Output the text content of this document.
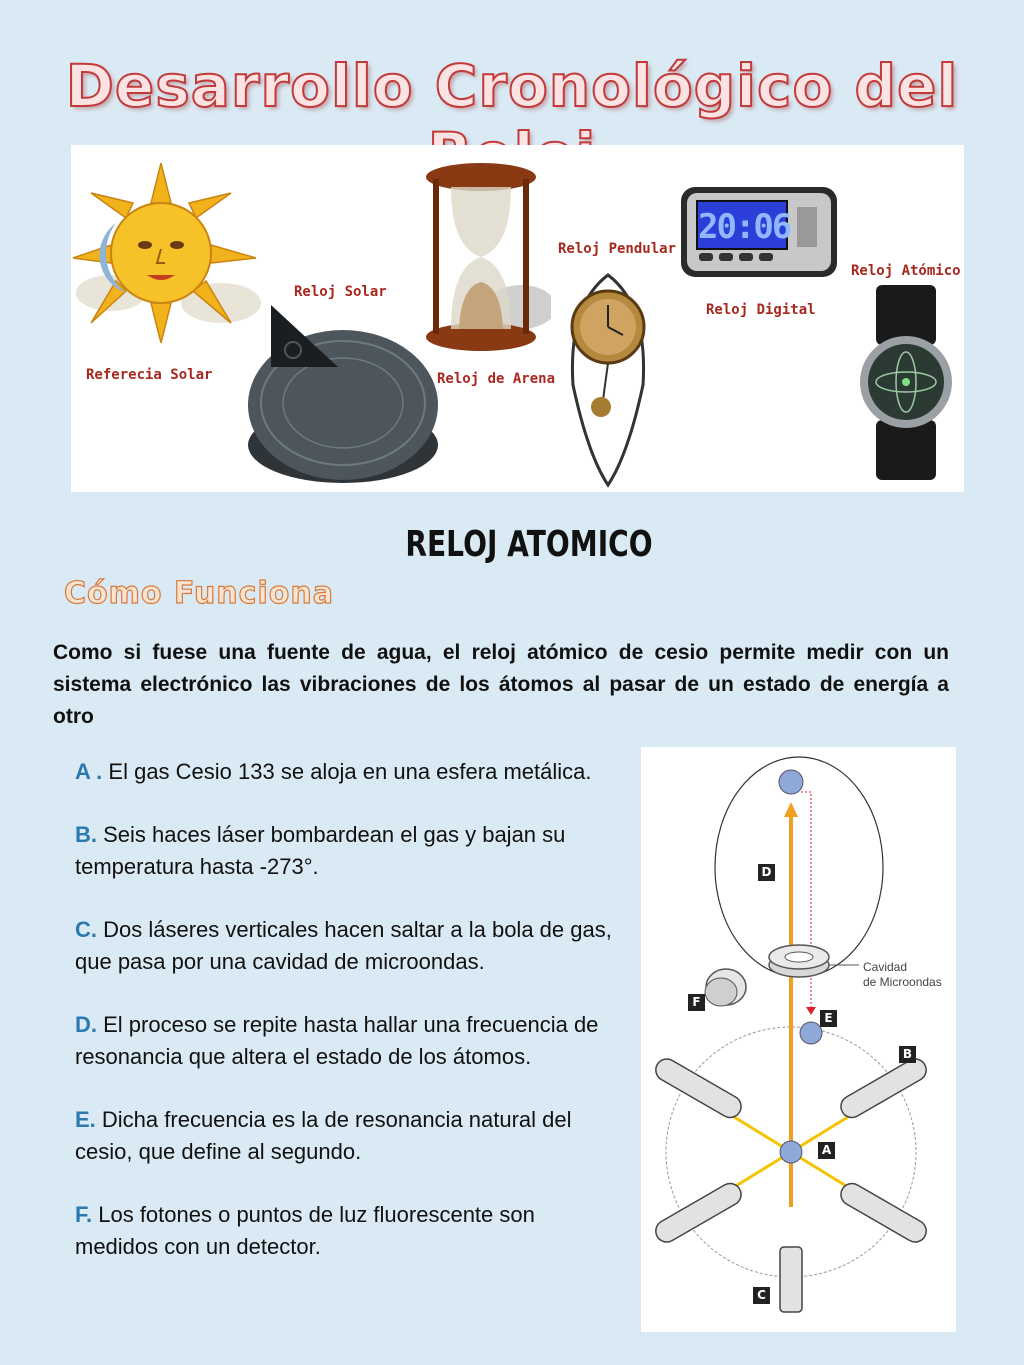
Desarrollo Cronológico del
Referecia Solar
Reloj Solar
Reloj de Arena
Reloj Pendular
20:06
Reloj Digital
Reloj Atómico
RELOJ ATOMICO
Cómo Funciona
Como si fuese una fuente de agua, el reloj atómico de cesio permite medir con un sistema electrónico las vibraciones de los átomos al pasar de un estado de energía a otro
A . El gas Cesio 133 se aloja en una esfera metálica.
B. Seis haces láser bombardean el gas y bajan su temperatura hasta -273°.
C. Dos láseres verticales hacen saltar a la bola de gas, que pasa por una cavidad de microondas.
D. El proceso se repite hasta hallar una frecuencia de resonancia que altera el estado de los átomos.
E. Dicha frecuencia es la de resonancia natural del cesio, que define al segundo.
F. Los fotones o puntos de luz fluorescente son medidos con un detector.
D
F
E
B
A
C
Cavidad
de Microondas
